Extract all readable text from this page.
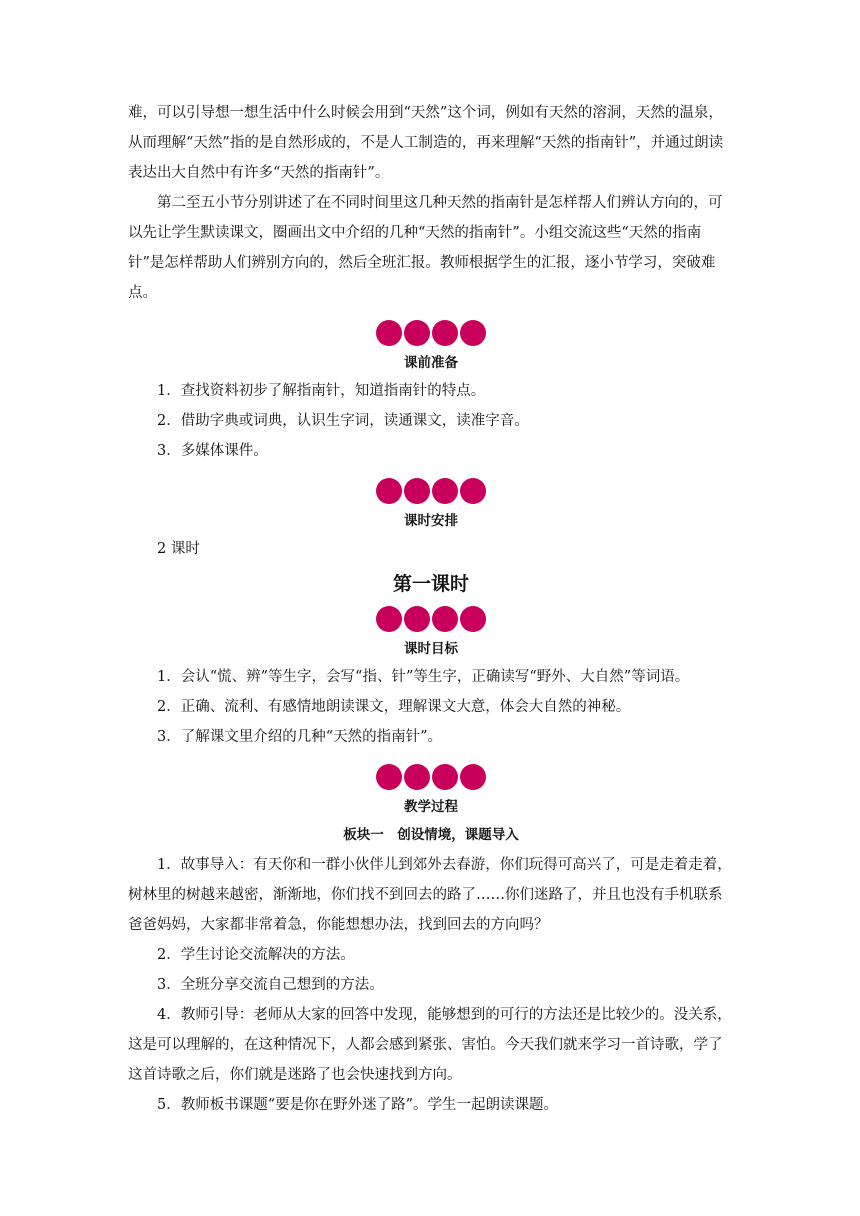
难，可以引导想一想生活中什么时候会用到“天然”这个词，例如有天然的溶洞，天然的温泉，从而理解“天然”指的是自然形成的，不是人工制造的，再来理解“天然的指南针”，并通过朗读表达出大自然中有许多“天然的指南针”。

第二至五小节分别讲述了在不同时间里这几种天然的指南针是怎样帮人们辨认方向的，可以先让学生默读课文，圈画出文中介绍的几种“天然的指南针”。小组交流这些“天然的指南针”是怎样帮助人们辨别方向的，然后全班汇报。教师根据学生的汇报，逐小节学习，突破难点。

课前准备

1．查找资料初步了解指南针，知道指南针的特点。

2．借助字典或词典，认识生字词，读通课文，读准字音。

3．多媒体课件。

课时安排

2 课时

第一课时
课时目标

1．会认“慌、辨”等生字，会写“指、针”等生字，正确读写“野外、大自然”等词语。

2．正确、流利、有感情地朗读课文，理解课文大意，体会大自然的神秘。

3．了解课文里介绍的几种“天然的指南针”。

教学过程
板块一　创设情境，课题导入

1．故事导入：有天你和一群小伙伴儿到郊外去春游，你们玩得可高兴了，可是走着走着，树林里的树越来越密，渐渐地，你们找不到回去的路了……你们迷路了，并且也没有手机联系爸爸妈妈，大家都非常着急，你能想想办法，找到回去的方向吗？

2．学生讨论交流解决的方法。

3．全班分享交流自己想到的方法。

4．教师引导：老师从大家的回答中发现，能够想到的可行的方法还是比较少的。没关系，这是可以理解的，在这种情况下，人都会感到紧张、害怕。今天我们就来学习一首诗歌，学了这首诗歌之后，你们就是迷路了也会快速找到方向。

5．教师板书课题“要是你在野外迷了路”。学生一起朗读课题。
